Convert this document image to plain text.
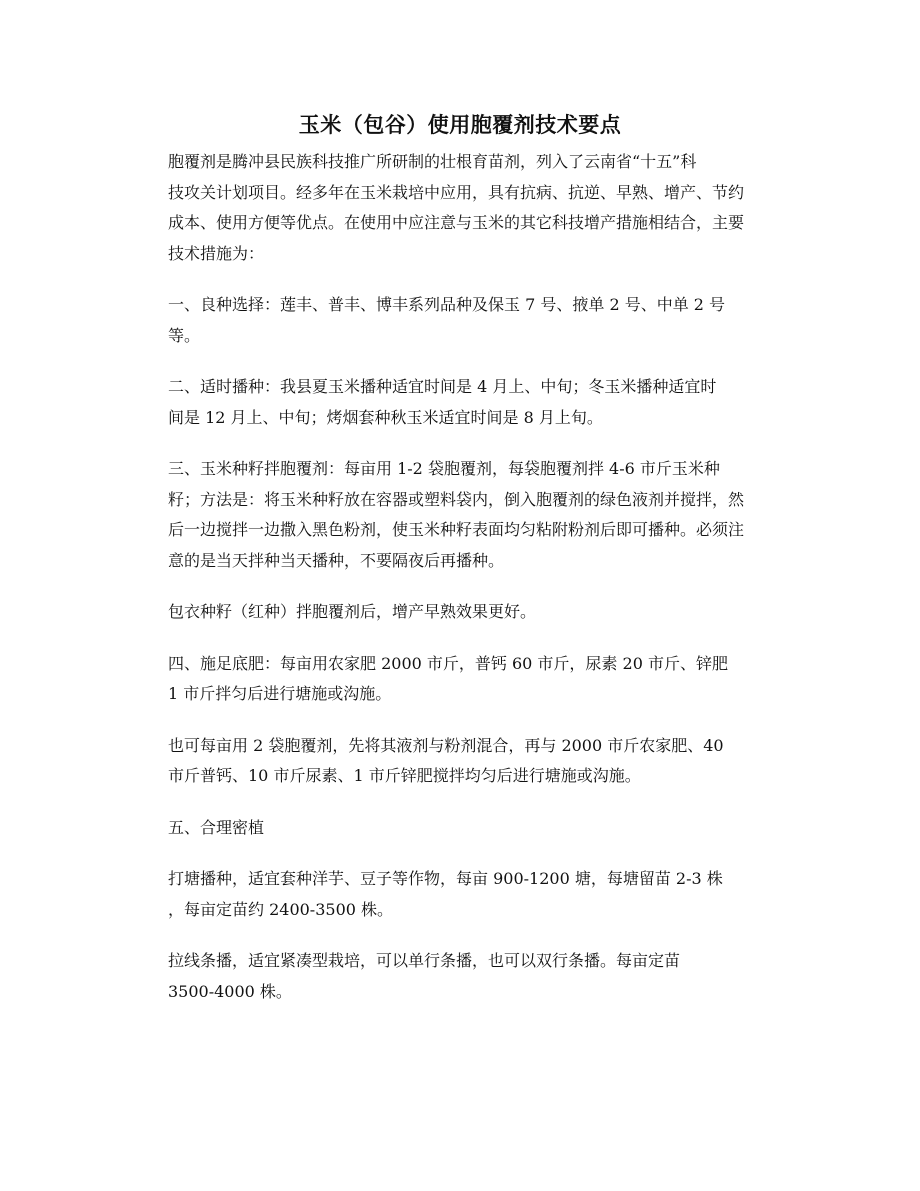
玉米（包谷）使用胞覆剂技术要点

胞覆剂是腾冲县民族科技推广所研制的壮根育苗剂，列入了云南省“十五”科
技攻关计划项目。经多年在玉米栽培中应用，具有抗病、抗逆、早熟、增产、节约
成本、使用方便等优点。在使用中应注意与玉米的其它科技增产措施相结合，主要
技术措施为：

一、良种选择：莲丰、普丰、博丰系列品种及保玉 7 号、掖单 2 号、中单 2 号
等。

二、适时播种：我县夏玉米播种适宜时间是 4 月上、中旬；冬玉米播种适宜时
间是 12 月上、中旬；烤烟套种秋玉米适宜时间是 8 月上旬。

三、玉米种籽拌胞覆剂：每亩用 1-2 袋胞覆剂，每袋胞覆剂拌 4-6 市斤玉米种
籽；方法是：将玉米种籽放在容器或塑料袋内，倒入胞覆剂的绿色液剂并搅拌，然
后一边搅拌一边撒入黑色粉剂，使玉米种籽表面均匀粘附粉剂后即可播种。必须注
意的是当天拌种当天播种，不要隔夜后再播种。

包衣种籽（红种）拌胞覆剂后，增产早熟效果更好。

四、施足底肥：每亩用农家肥 2000 市斤，普钙 60 市斤，尿素 20 市斤、锌肥
1 市斤拌匀后进行塘施或沟施。

也可每亩用 2 袋胞覆剂，先将其液剂与粉剂混合，再与 2000 市斤农家肥、40
市斤普钙、10 市斤尿素、1 市斤锌肥搅拌均匀后进行塘施或沟施。

五、合理密植

打塘播种，适宜套种洋芋、豆子等作物，每亩 900-1200 塘，每塘留苗 2-3 株
，每亩定苗约 2400-3500 株。

拉线条播，适宜紧凑型栽培，可以单行条播，也可以双行条播。每亩定苗
3500-4000 株。
